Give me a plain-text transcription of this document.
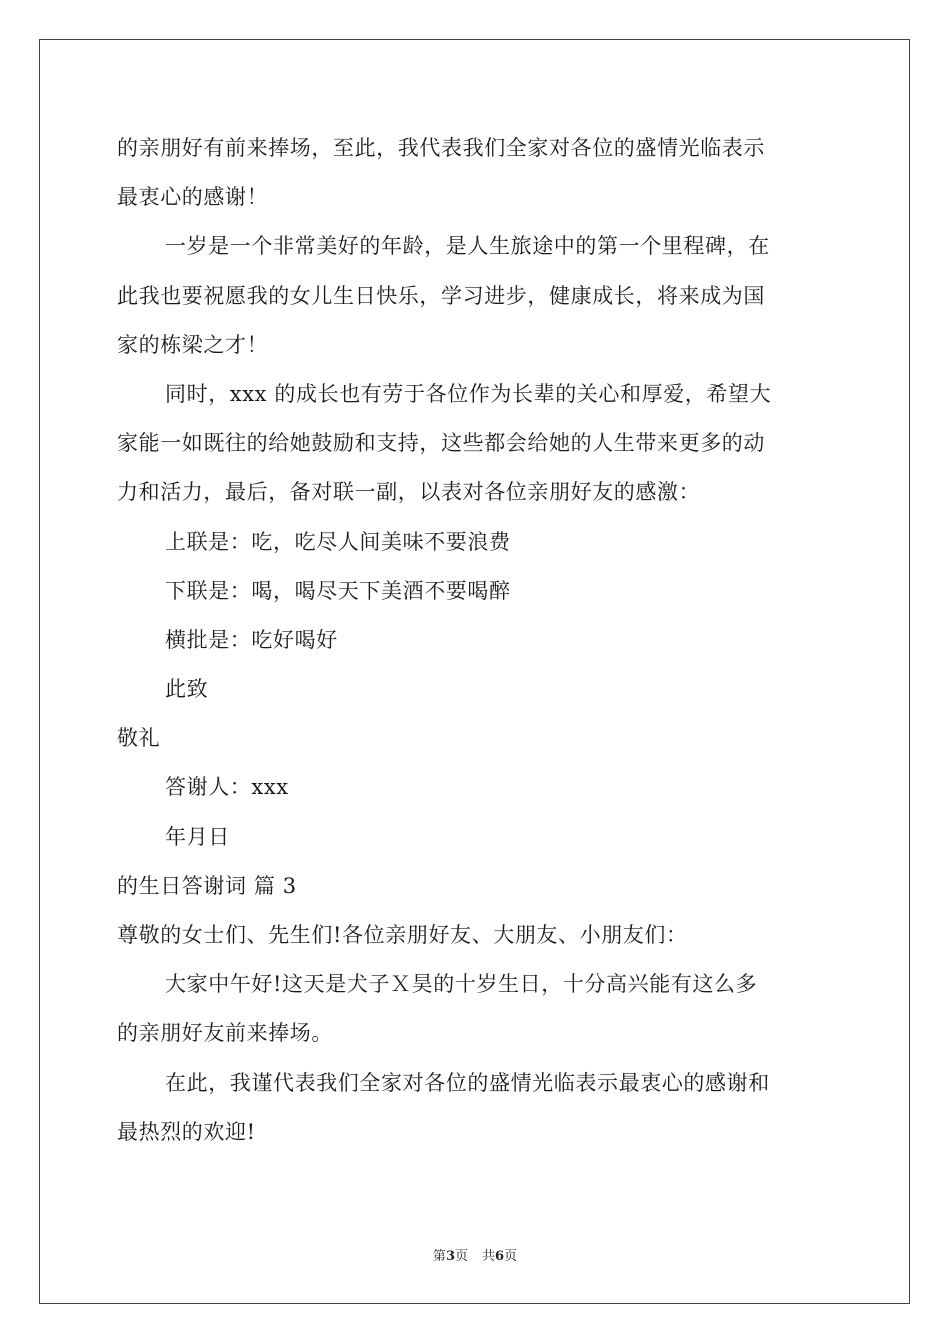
的亲朋好有前来捧场，至此，我代表我们全家对各位的盛情光临表示
最衷心的感谢！
一岁是一个非常美好的年龄，是人生旅途中的第一个里程碑，在
此我也要祝愿我的女儿生日快乐，学习进步，健康成长，将来成为国
家的栋梁之才！
同时，xxx 的成长也有劳于各位作为长辈的关心和厚爱，希望大
家能一如既往的给她鼓励和支持，这些都会给她的人生带来更多的动
力和活力，最后，备对联一副，以表对各位亲朋好友的感激：
上联是：吃，吃尽人间美味不要浪费
下联是：喝，喝尽天下美酒不要喝醉
横批是：吃好喝好
此致
敬礼
答谢人：xxx
年月日
的生日答谢词 篇 3
尊敬的女士们、先生们!各位亲朋好友、大朋友、小朋友们：
大家中午好!这天是犬子Ｘ昊的十岁生日，十分高兴能有这么多
的亲朋好友前来捧场。
在此，我谨代表我们全家对各位的盛情光临表示最衷心的感谢和
最热烈的欢迎!
第3页 共6页
